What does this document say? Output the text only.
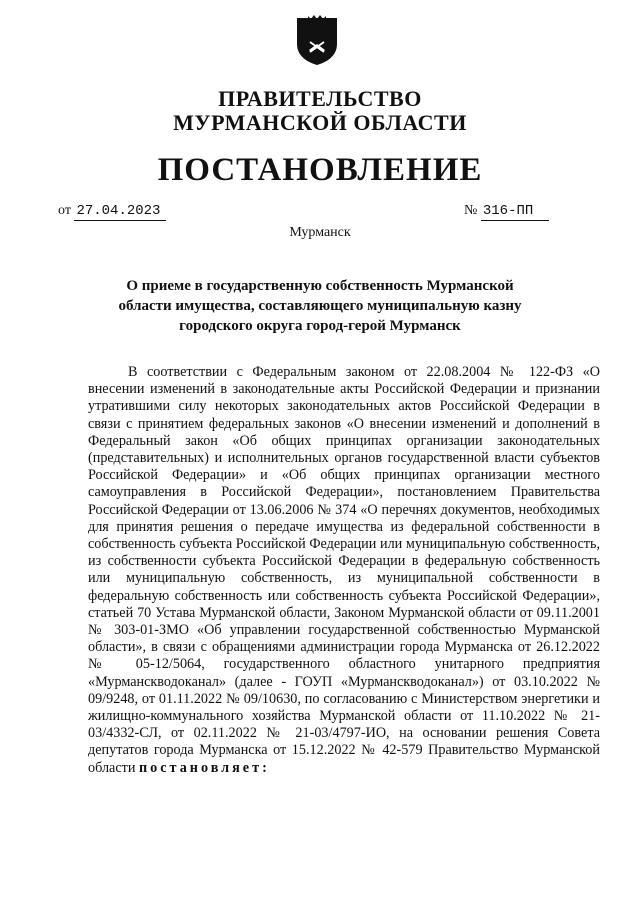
ПРАВИТЕЛЬСТВО
МУРМАНСКОЙ ОБЛАСТИ
ПОСТАНОВЛЕНИЕ
от 27.04.2023	№ 316-ПП
Мурманск
О приеме в государственную собственность Мурманской области имущества, составляющего муниципальную казну городского округа город-герой Мурманск

В соответствии с Федеральным законом от 22.08.2004 № 122-ФЗ «О внесении изменений в законодательные акты Российской Федерации и признании утратившими силу некоторых законодательных актов Российской Федерации в связи с принятием федеральных законов «О внесении изменений и дополнений в Федеральный закон «Об общих принципах организации законодательных (представительных) и исполнительных органов государственной власти субъектов Российской Федерации» и «Об общих принципах организации местного самоуправления в Российской Федерации», постановлением Правительства Российской Федерации от 13.06.2006 № 374 «О перечнях документов, необходимых для принятия решения о передаче имущества из федеральной собственности в собственность субъекта Российской Федерации или муниципальную собственность, из собственности субъекта Российской Федерации в федеральную собственность или муниципальную собственность, из муниципальной собственности в федеральную собственность или собственность субъекта Российской Федерации», статьей 70 Устава Мурманской области, Законом Мурманской области от 09.11.2001 № 303-01-ЗМО «Об управлении государственной собственностью Мурманской области», в связи с обращениями администрации города Мурманска от 26.12.2022 № 05-12/5064, государственного областного унитарного предприятия «Мурманскводоканал» (далее - ГОУП «Мурманскводоканал») от 03.10.2022 № 09/9248, от 01.11.2022 № 09/10630, по согласованию с Министерством энергетики и жилищно-коммунального хозяйства Мурманской области от 11.10.2022 № 21-03/4332-СЛ, от 02.11.2022 № 21-03/4797-ИО, на основании решения Совета депутатов города Мурманска от 15.12.2022 № 42-579 Правительство Мурманской области постановляет:
